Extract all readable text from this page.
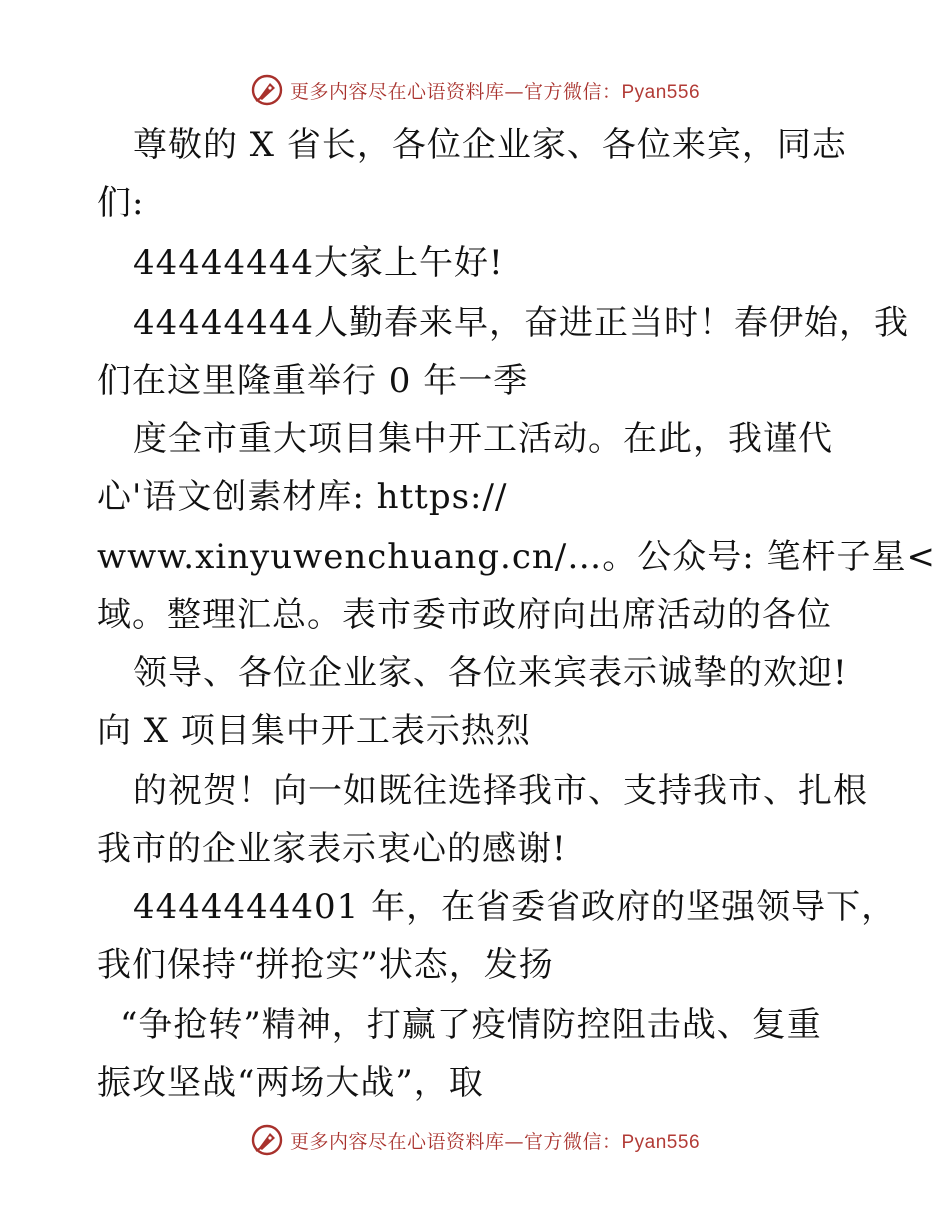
更多内容尽在心语资料库—官方微信：Pyan556
尊敬的 X 省长，各位企业家、各位来宾，同志
们:
44444444大家上午好!
44444444人勤春来早，奋进正当时！春伊始，我
们在这里隆重举行 0 年一季
度全市重大项目集中开工活动。在此，我谨代
心'语文创素材库: https://
www.xinyuwenchuang.cn/…。公众号: 笔杆子星<
域。整理汇总。表市委市政府向出席活动的各位
领导、各位企业家、各位来宾表示诚挚的欢迎!
向 X 项目集中开工表示热烈
的祝贺！向一如既往选择我市、支持我市、扎根
我市的企业家表示衷心的感谢!
4444444401 年，在省委省政府的坚强领导下，
我们保持“拼抢实”状态，发扬
“争抢转”精神，打赢了疫情防控阻击战、复重
振攻坚战“两场大战”，取
更多内容尽在心语资料库—官方微信：Pyan556
